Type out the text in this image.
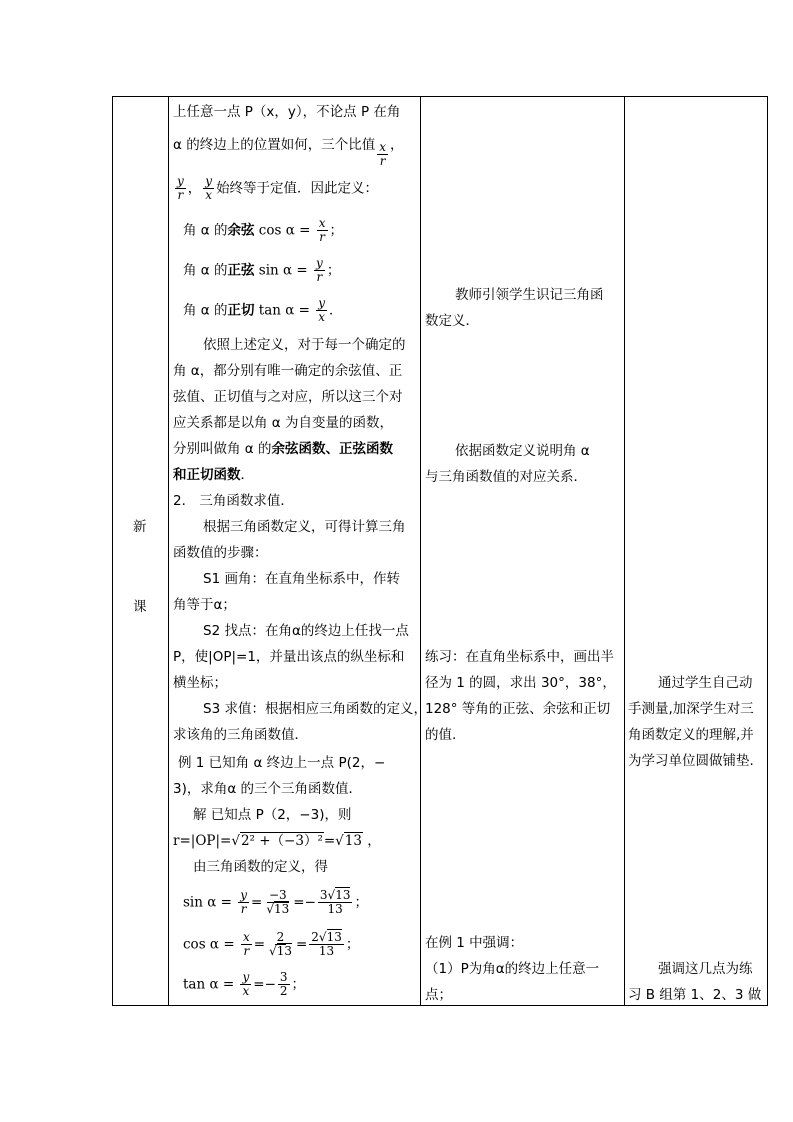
新
课
上任意一点 P（x，y），不论点 P 在角
α 的终边上的位置如何，三个比值 $\frac{x}{r}$ ，
$\frac{y}{r}$ ， $\frac{y}{x}$ 始终等于定值．因此定义：
角 α 的余弦 $\cos \alpha = \frac{x}{r}$ ；
角 α 的正弦 $\sin \alpha = \frac{y}{r}$ ；
角 α 的正切 $\tan \alpha = \frac{y}{x}$ ．
依照上述定义，对于每一个确定的
角 α，都分别有唯一确定的余弦值、正
弦值、正切值与之对应，所以这三个对
应关系都是以角 α 为自变量的函数，
分别叫做角 α 的余弦函数、正弦函数
和正切函数．
2． 三角函数求值．
根据三角函数定义，可得计算三角
函数值的步骤：
S1 画角：在直角坐标系中，作转
角等于α；
S2 找点：在角α的终边上任找一点
P，使|OP|=1，并量出该点的纵坐标和
横坐标；
S3 求值：根据相应三角函数的定义，
求该角的三角函数值．
例 1 已知角 α 终边上一点 P(2，−
3)，求角α 的三个三角函数值．
解 已知点 P（2，−3)，则
r=|OP|=√2² +（−3）²=√13 ，
由三角函数的定义，得
$\sin \alpha = \frac{y}{r} = \frac{-3}{√13} =- \frac{3√13}{13}$ ；
$\cos \alpha = \frac{x}{r} = \frac{2}{√13} = \frac{2√13}{13}$ ；
$\tan \alpha = \frac{y}{x} =- \frac{3}{2}$ ；
教师引领学生识记三角函
数定义．
依据函数定义说明角 α
与三角函数值的对应关系．
练习：在直角坐标系中，画出半
径为 1 的圆，求出 30°，38°，
128° 等角的正弦、余弦和正切
的值.
在例 1 中强调：
（1）P为角α的终边上任意一
点；
通过学生自己动
手测量,加深学生对三
角函数定义的理解,并
为学习单位圆做铺垫.
强调这几点为练
习 B 组第 1、2、3 做
